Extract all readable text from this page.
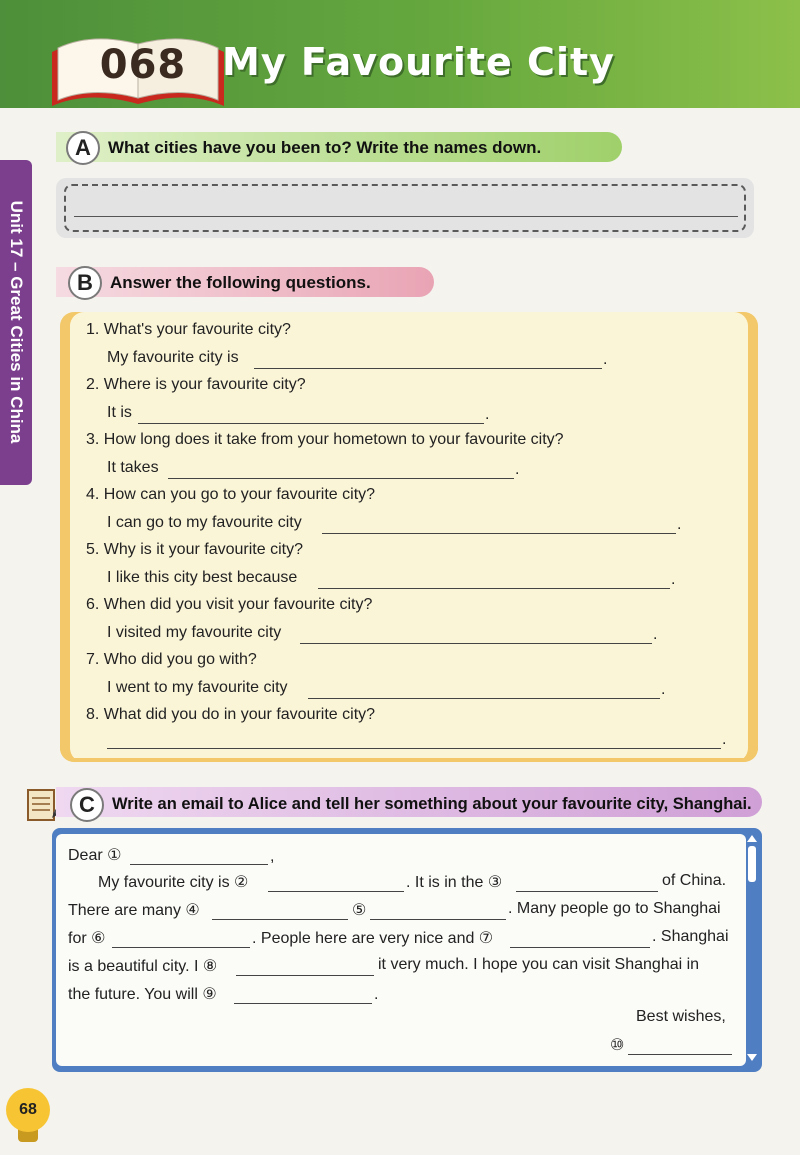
068 My Favourite City
Unit 17 – Great Cities in China
A	What cities have you been to? Write the names down.
B	Answer the following questions.
1. What's your favourite city?
My favourite city is	.
2. Where is your favourite city?
It is	.
3. How long does it take from your hometown to your favourite city?
It takes	.
4. How can you go to your favourite city?
I can go to my favourite city	.
5. Why is it your favourite city?
I like this city best because	.
6. When did you visit your favourite city?
I visited my favourite city	.
7. Who did you go with?
I went to my favourite city	.
8. What did you do in your favourite city?
.
C	Write an email to Alice and tell her something about your favourite city, Shanghai.
Dear ①	,
My favourite city is ②	. It is in the ③	of China.
There are many ④	⑤	. Many people go to Shanghai
for ⑥	. People here are very nice and ⑦	. Shanghai
is a beautiful city. I ⑧	it very much. I hope you can visit Shanghai in
the future. You will ⑨	.
Best wishes,
⑩
68
